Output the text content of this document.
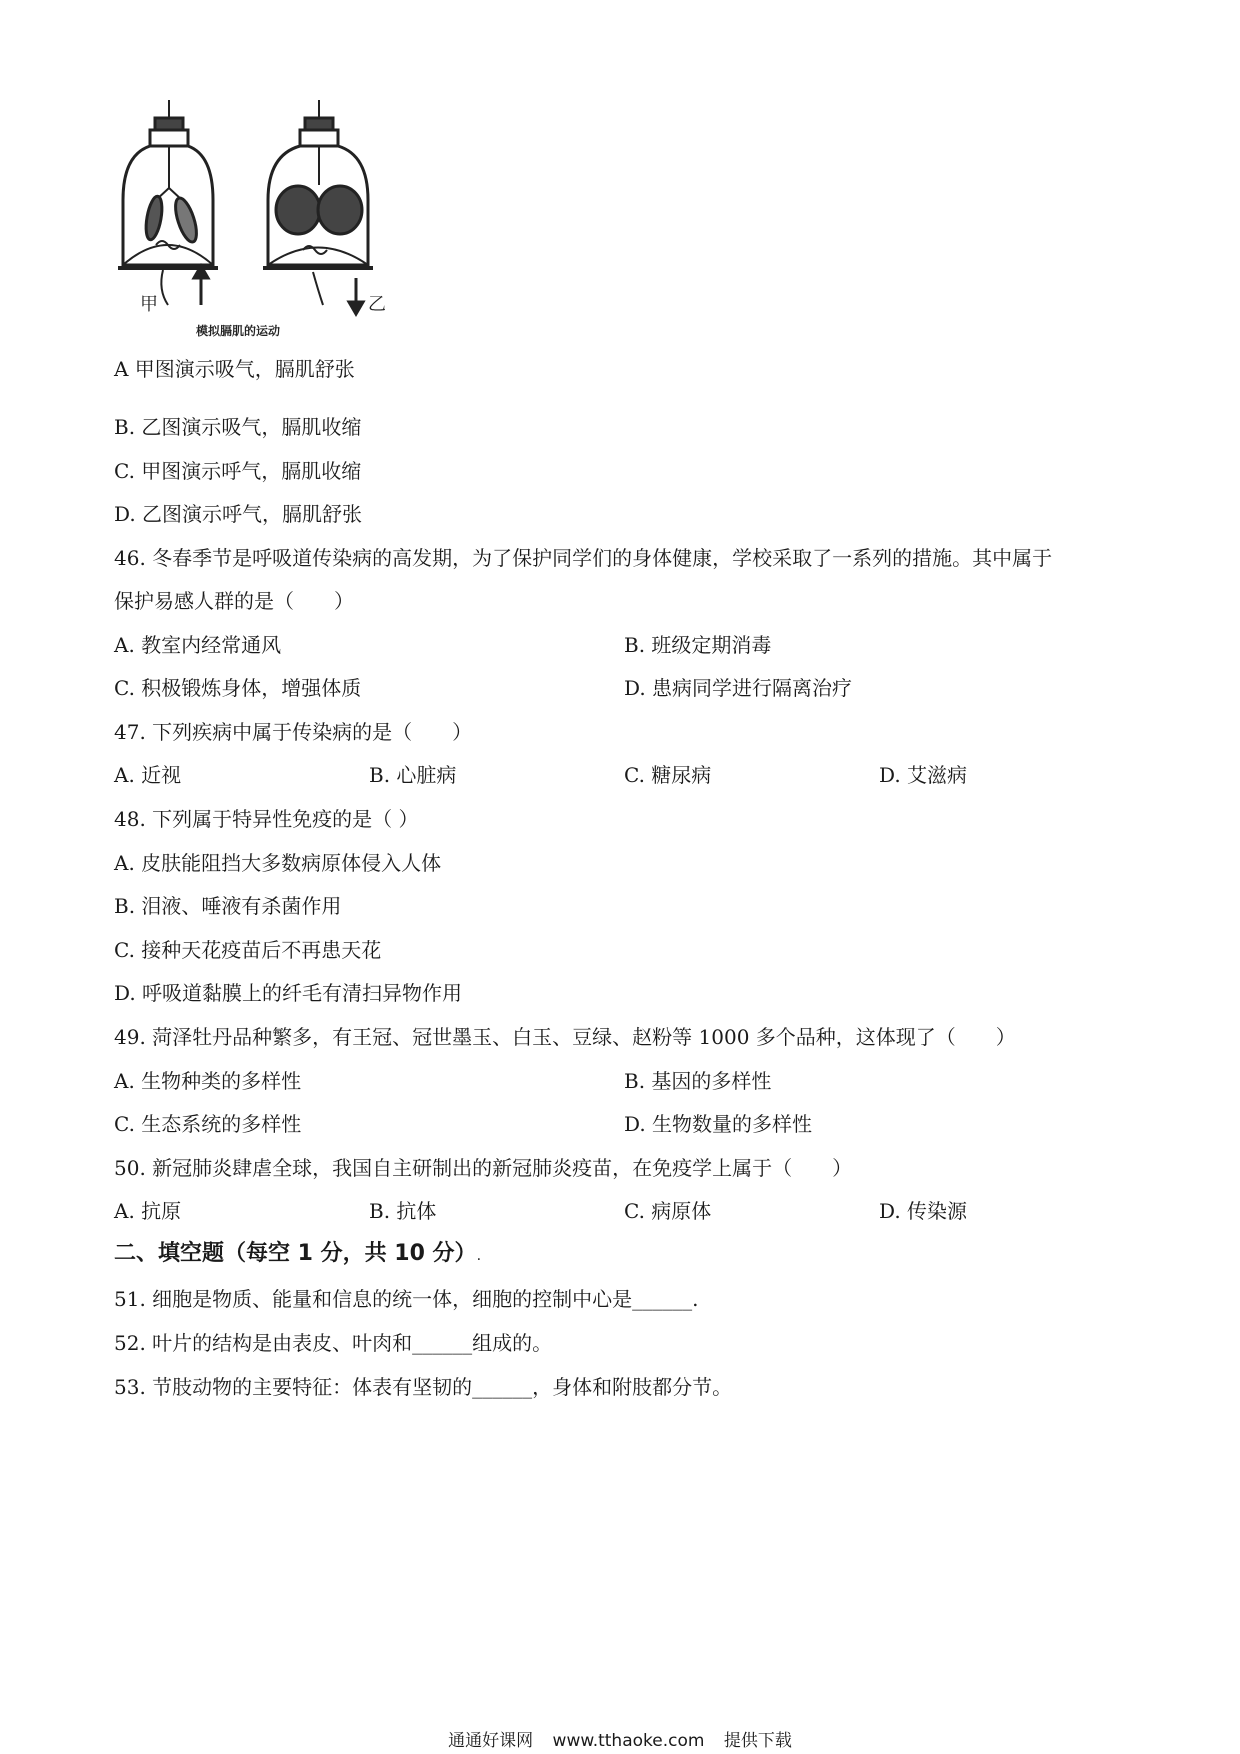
甲	乙
模拟膈肌的运动
A 甲图演示吸气，膈肌舒张
B. 乙图演示吸气，膈肌收缩
C. 甲图演示呼气，膈肌收缩
D. 乙图演示呼气，膈肌舒张
46. 冬春季节是呼吸道传染病的高发期，为了保护同学们的身体健康，学校采取了一系列的措施。其中属于
保护易感人群的是（　　）
A. 教室内经常通风	B. 班级定期消毒
C. 积极锻炼身体，增强体质	D. 患病同学进行隔离治疗
47. 下列疾病中属于传染病的是（　　）
A. 近视	B. 心脏病	C. 糖尿病	D. 艾滋病
48. 下列属于特异性免疫的是（ ）
A. 皮肤能阻挡大多数病原体侵入人体
B. 泪液、唾液有杀菌作用
C. 接种天花疫苗后不再患天花
D. 呼吸道黏膜上的纤毛有清扫异物作用
49. 菏泽牡丹品种繁多，有王冠、冠世墨玉、白玉、豆绿、赵粉等 1000 多个品种，这体现了（　　）
A. 生物种类的多样性	B. 基因的多样性
C. 生态系统的多样性	D. 生物数量的多样性
50. 新冠肺炎肆虐全球，我国自主研制出的新冠肺炎疫苗，在免疫学上属于（　　）
A. 抗原	B. 抗体	C. 病原体	D. 传染源
二、填空题（每空 1 分，共 10 分）.
51. 细胞是物质、能量和信息的统一体，细胞的控制中心是______.
52. 叶片的结构是由表皮、叶肉和______组成的。
53. 节肢动物的主要特征：体表有坚韧的______，身体和附肢都分节。
通通好课网 www.tthaoke.com 提供下载
